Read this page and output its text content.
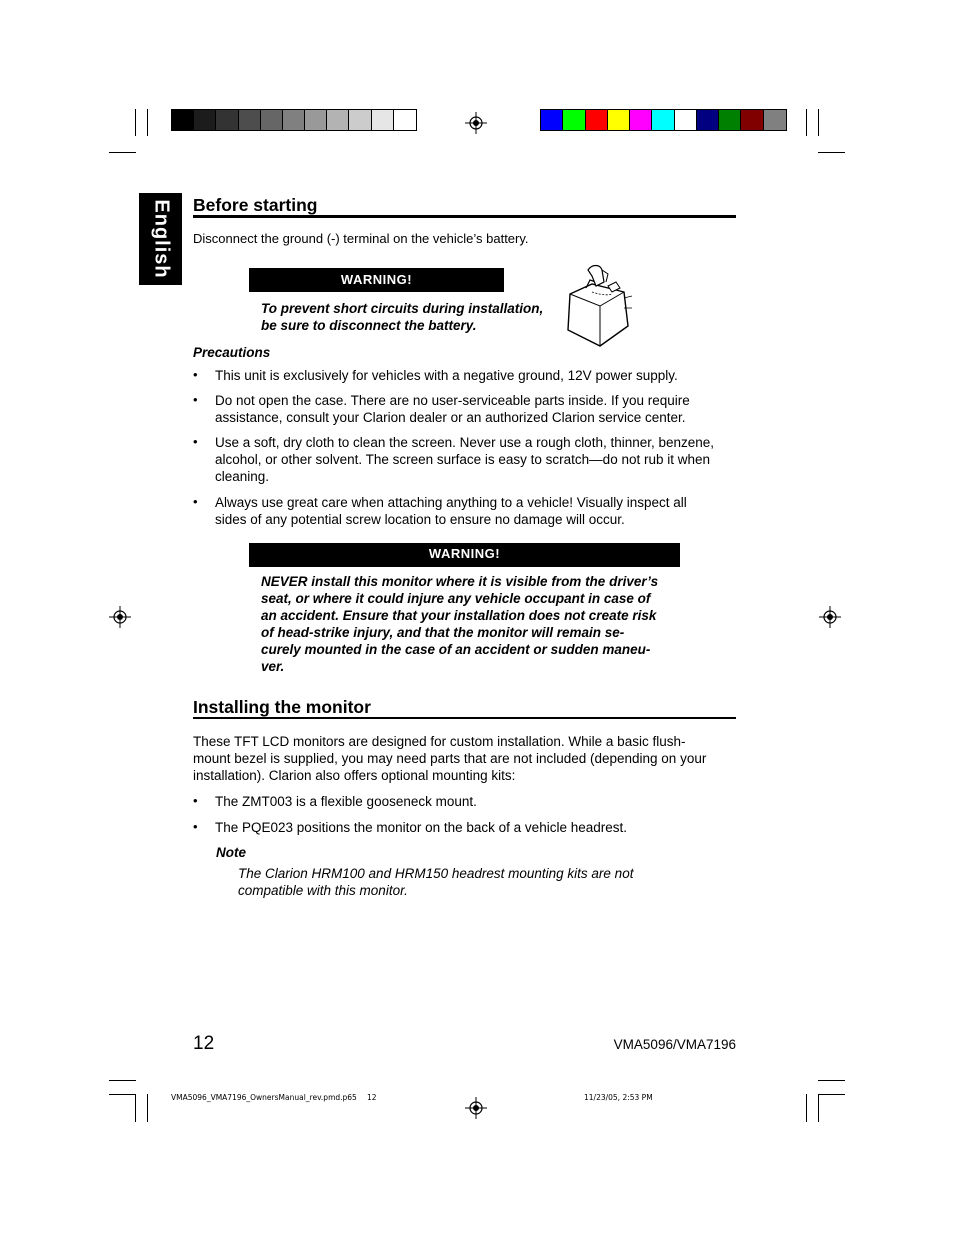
English Before starting
Disconnect the ground (-) terminal on the vehicle’s battery.
WARNING!
To prevent short circuits during installation,
be sure to disconnect the battery.
Precautions
• This unit is exclusively for vehicles with a negative ground, 12V power supply.
• Do not open the case. There are no user-serviceable parts inside. If you require
assistance, consult your Clarion dealer or an authorized Clarion service center.
• Use a soft, dry cloth to clean the screen. Never use a rough cloth, thinner, benzene,
alcohol, or other solvent. The screen surface is easy to scratch—do not rub it when
cleaning.
• Always use great care when attaching anything to a vehicle! Visually inspect all
sides of any potential screw location to ensure no damage will occur.
WARNING!
NEVER install this monitor where it is visible from the driver’s
seat, or where it could injure any vehicle occupant in case of
an accident. Ensure that your installation does not create risk
of head-strike injury, and that the monitor will remain se-
curely mounted in the case of an accident or sudden maneu-
ver.
Installing the monitor
These TFT LCD monitors are designed for custom installation. While a basic flush-
mount bezel is supplied, you may need parts that are not included (depending on your
installation). Clarion also offers optional mounting kits:
• The ZMT003 is a flexible gooseneck mount.
• The PQE023 positions the monitor on the back of a vehicle headrest.
Note
The Clarion HRM100 and HRM150 headrest mounting kits are not
compatible with this monitor.
12	VMA5096/VMA7196
VMA5096_VMA7196_OwnersManual_rev.pmd.p65 12	11/23/05, 2:53 PM
